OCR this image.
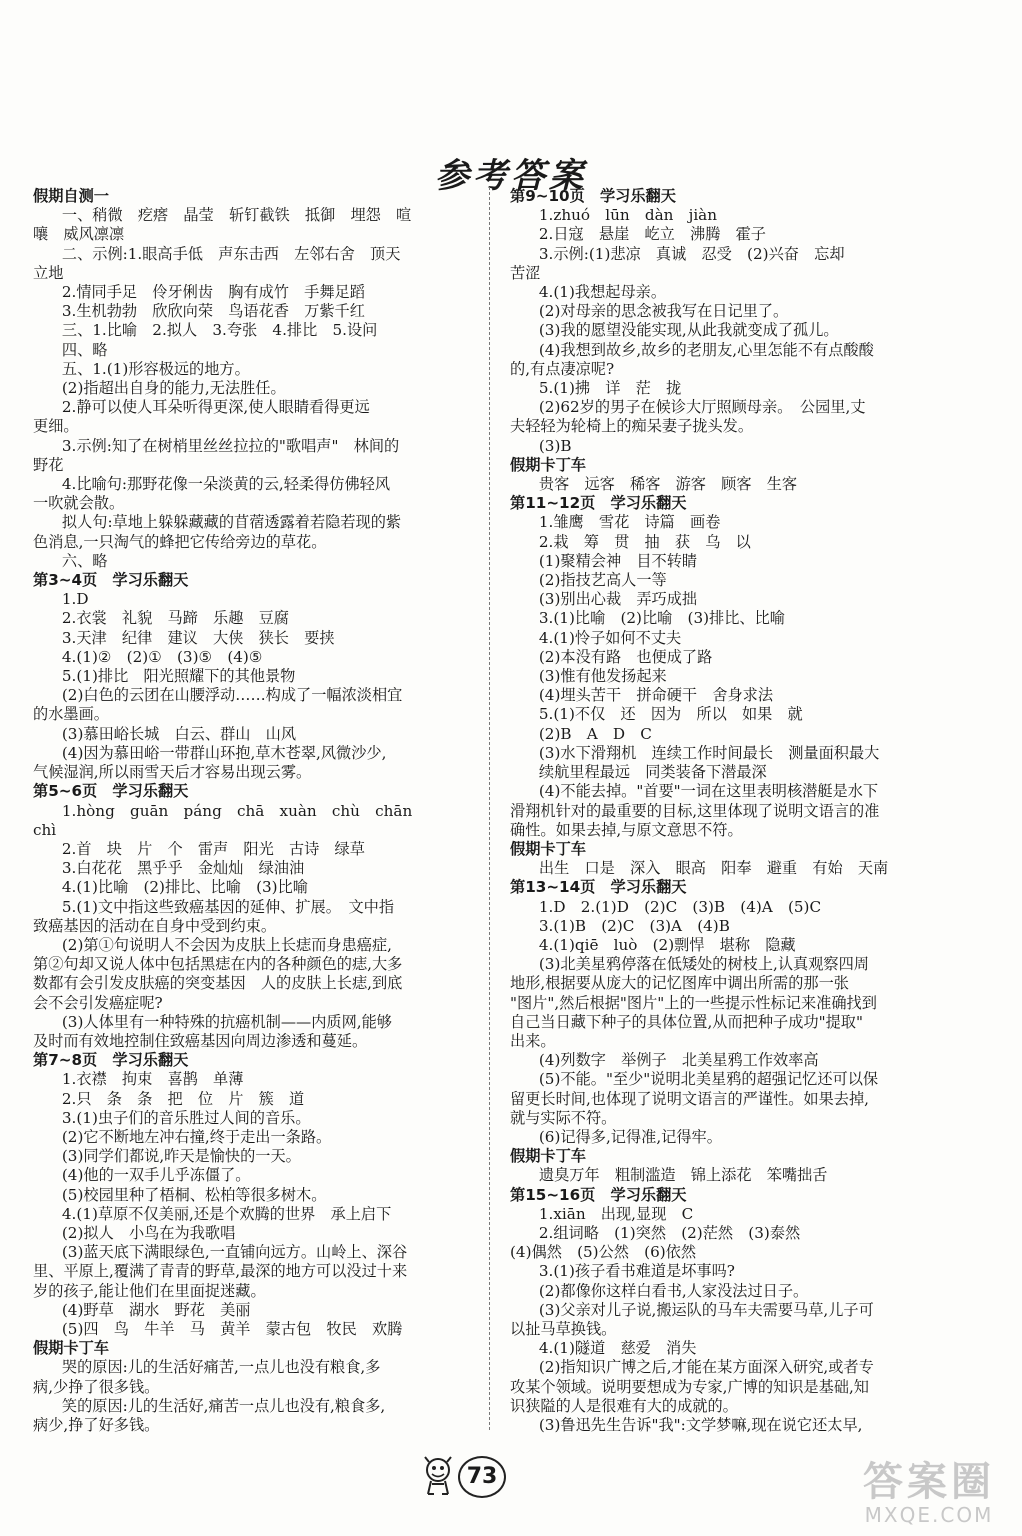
参考答案
假期自测一
一、稍微　疙瘩　晶莹　斩钉截铁　抵御　埋怨　喧
嚷　威风凛凛
二、示例:1.眼高手低　声东击西　左邻右舍　顶天
立地
2.情同手足　伶牙俐齿　胸有成竹　手舞足蹈
3.生机勃勃　欣欣向荣　鸟语花香　万紫千红
三、1.比喻　2.拟人　3.夸张　4.排比　5.设问
四、略
五、1.(1)形容极远的地方。
(2)指超出自身的能力,无法胜任。
2.静可以使人耳朵听得更深,使人眼睛看得更远
更细。
3.示例:知了在树梢里丝丝拉拉的"歌唱声"　林间的
野花
4.比喻句:那野花像一朵淡黄的云,轻柔得仿佛轻风
一吹就会散。
拟人句:草地上躲躲藏藏的苜蓿透露着若隐若现的紫
色消息,一只淘气的蜂把它传给旁边的草花。
六、略
第3~4页　学习乐翻天
1.D
2.衣裳　礼貌　马蹄　乐趣　豆腐
3.天津　纪律　建议　大侠　狭长　要挟
4.(1)②　(2)①　(3)⑤　(4)⑤
5.(1)排比　阳光照耀下的其他景物
(2)白色的云团在山腰浮动……构成了一幅浓淡相宜
的水墨画。
(3)慕田峪长城　白云、群山　山风
(4)因为慕田峪一带群山环抱,草木苍翠,风微沙少,
气候湿润,所以雨雪天后才容易出现云雾。
第5~6页　学习乐翻天
1.hòng　guān　páng　chā　xuàn　chù　chān
chì
2.首　块　片　个　雷声　阳光　古诗　绿草
3.白花花　黑乎乎　金灿灿　绿油油
4.(1)比喻　(2)排比、比喻　(3)比喻
5.(1)文中指这些致癌基因的延伸、扩展。　文中指
致癌基因的活动在自身中受到约束。
(2)第①句说明人不会因为皮肤上长痣而身患癌症,
第②句却又说人体中包括黑痣在内的各种颜色的痣,大多
数都有会引发皮肤癌的突变基因　人的皮肤上长痣,到底
会不会引发癌症呢?
(3)人体里有一种特殊的抗癌机制——内质网,能够
及时而有效地控制住致癌基因向周边渗透和蔓延。
第7~8页　学习乐翻天
1.衣襟　拘束　喜鹊　单薄
2.只　条　条　把　位　片　簇　道
3.(1)虫子们的音乐胜过人间的音乐。
(2)它不断地左冲右撞,终于走出一条路。
(3)同学们都说,昨天是愉快的一天。
(4)他的一双手儿乎冻僵了。
(5)校园里种了梧桐、松柏等很多树木。
4.(1)草原不仅美丽,还是个欢腾的世界　承上启下
(2)拟人　小鸟在为我歌唱
(3)蓝天底下满眼绿色,一直铺向远方。山岭上、深谷
里、平原上,覆满了青青的野草,最深的地方可以没过十来
岁的孩子,能让他们在里面捉迷藏。
(4)野草　湖水　野花　美丽
(5)四　鸟　牛羊　马　黄羊　蒙古包　牧民　欢腾
假期卡丁车
哭的原因:儿的生活好痛苦,一点儿也没有粮食,多
病,少挣了很多钱。
笑的原因:儿的生活好,痛苦一点儿也没有,粮食多,
病少,挣了好多钱。
第9~10页　学习乐翻天
1.zhuó　lūn　dàn　jiàn
2.日寇　悬崖　屹立　沸腾　霍子
3.示例:(1)悲凉　真诚　忍受　(2)兴奋　忘却
苦涩
4.(1)我想起母亲。
(2)对母亲的思念被我写在日记里了。
(3)我的愿望没能实现,从此我就变成了孤儿。
(4)我想到故乡,故乡的老朋友,心里怎能不有点酸酸
的,有点凄凉呢?
5.(1)拂　详　茫　拢
(2)62岁的男子在候诊大厅照顾母亲。　公园里,丈
夫轻轻为轮椅上的痴呆妻子拢头发。
(3)B
假期卡丁车
贵客　远客　稀客　游客　顾客　生客
第11~12页　学习乐翻天
1.雏鹰　雪花　诗篇　画卷
2.栽　筹　贯　抽　获　乌　以
(1)聚精会神　目不转睛
(2)指技艺高人一等
(3)别出心裁　弄巧成拙
3.(1)比喻　(2)比喻　(3)排比、比喻
4.(1)怜子如何不丈夫
(2)本没有路　也便成了路
(3)惟有他发扬起来
(4)埋头苦干　拼命硬干　舍身求法
5.(1)不仅　还　因为　所以　如果　就
(2)B　A　D　C
(3)水下滑翔机　连续工作时间最长　测量面积最大
续航里程最远　同类装备下潜最深
(4)不能去掉。"首要"一词在这里表明核潜艇是水下
滑翔机针对的最重要的目标,这里体现了说明文语言的准
确性。如果去掉,与原文意思不符。
假期卡丁车
出生　口是　深入　眼高　阳奉　避重　有始　天南
第13~14页　学习乐翻天
1.D　2.(1)D　(2)C　(3)B　(4)A　(5)C
3.(1)B　(2)C　(3)A　(4)B
4.(1)qiē　luò　(2)剽悍　堪称　隐藏
(3)北美星鸦停落在低矮处的树枝上,认真观察四周
地形,根据要从庞大的记忆图库中调出所需的那一张
"图片",然后根据"图片"上的一些提示性标记来准确找到
自己当日藏下种子的具体位置,从而把种子成功"提取"
出来。
(4)列数字　举例子　北美星鸦工作效率高
(5)不能。"至少"说明北美星鸦的超强记忆还可以保
留更长时间,也体现了说明文语言的严谨性。如果去掉,
就与实际不符。
(6)记得多,记得准,记得牢。
假期卡丁车
遗臭万年　粗制滥造　锦上添花　笨嘴拙舌
第15~16页　学习乐翻天
1.xiān　出现,显现　C
2.组词略　(1)突然　(2)茫然　(3)泰然
(4)偶然　(5)公然　(6)依然
3.(1)孩子看书难道是坏事吗?
(2)都像你这样白看书,人家没法过日子。
(3)父亲对儿子说,搬运队的马车夫需要马草,儿子可
以扯马草换钱。
4.(1)隧道　慈爱　消失
(2)指知识广博之后,才能在某方面深入研究,或者专
攻某个领域。说明要想成为专家,广博的知识是基础,知
识狭隘的人是很难有大的成就的。
(3)鲁迅先生告诉"我":文学梦嘛,现在说它还太早,
73	答案圈
MXQE.COM
